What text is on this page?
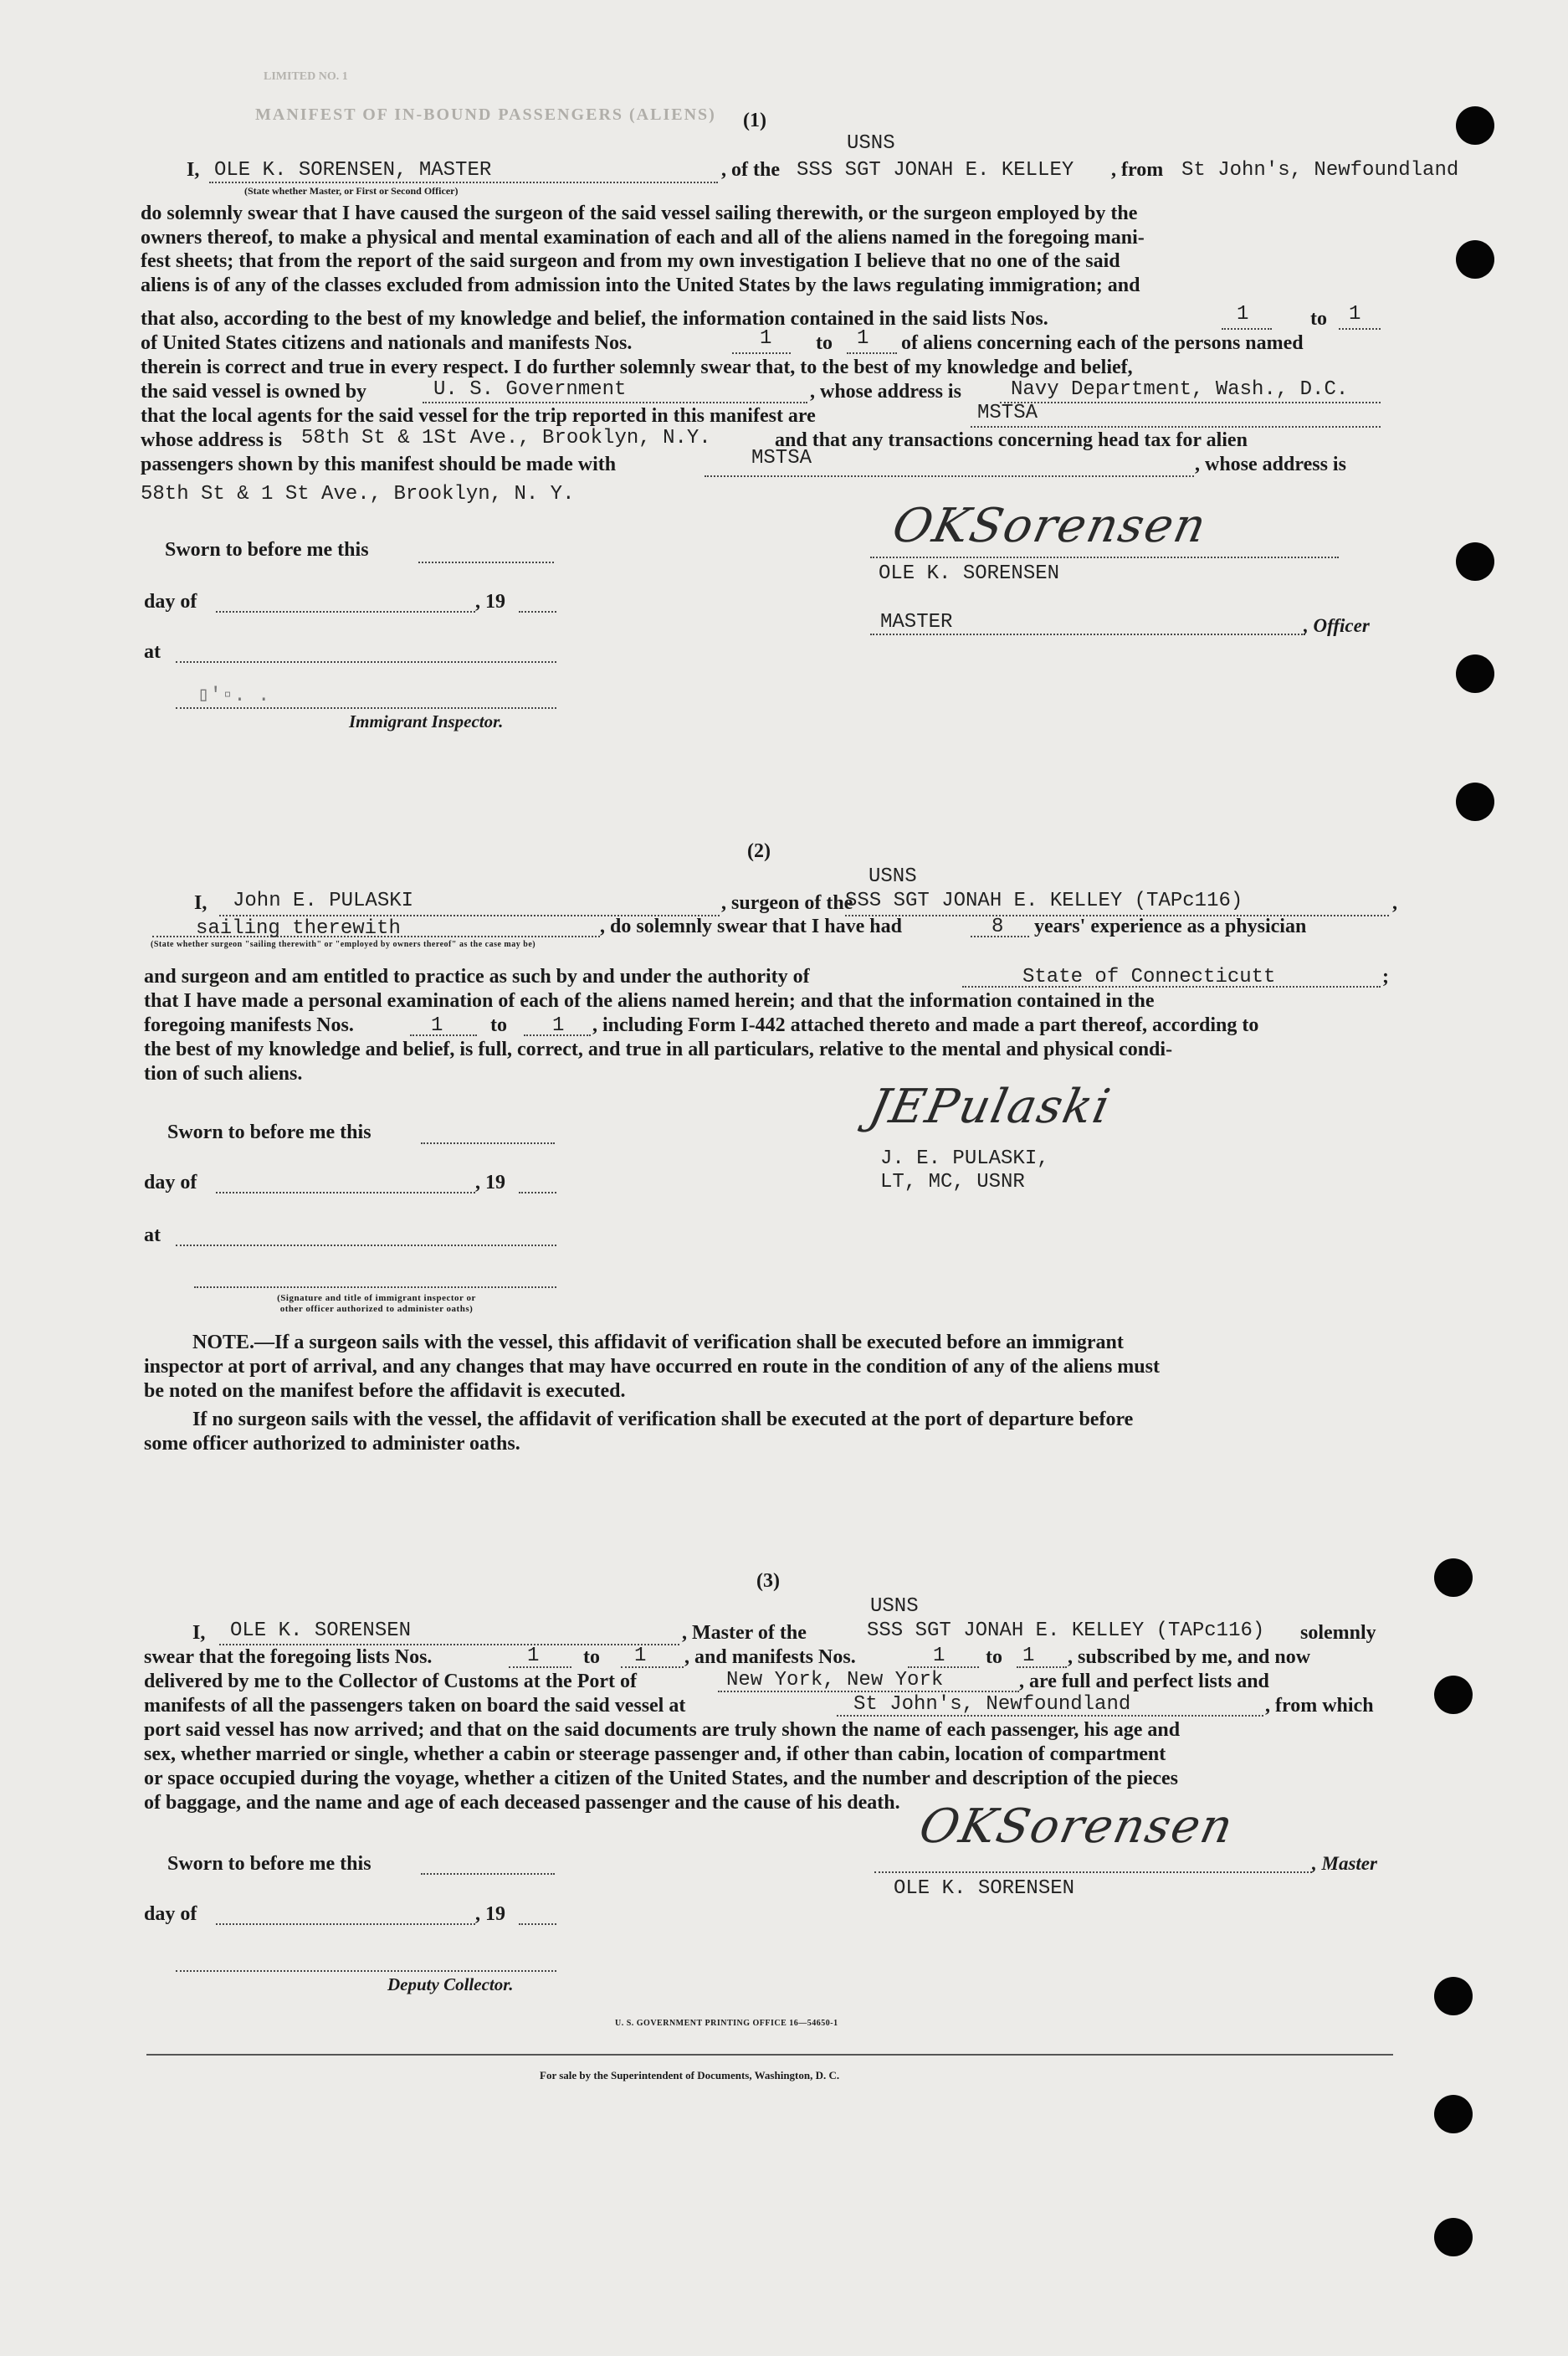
LIMITED NO. 1
MANIFEST OF IN-BOUND PASSENGERS (ALIENS) (1)
USNS
I, OLE K. SORENSEN, MASTER	, of the SSS SGT JONAH E. KELLEY , from St John's, Newfoundland
(State whether Master, or First or Second Officer)
do solemnly swear that I have caused the surgeon of the said vessel sailing therewith, or the surgeon employed by the
owners thereof, to make a physical and mental examination of each and all of the aliens named in the foregoing mani-
fest sheets; that from the report of the said surgeon and from my own investigation I believe that no one of the said
aliens is of any of the classes excluded from admission into the United States by the laws regulating immigration; and
that also, according to the best of my knowledge and belief, the information contained in the said lists Nos.	1	to 1
of United States citizens and nationals and manifests Nos.	1 to 1 of aliens concerning each of the persons named
therein is correct and true in every respect. I do further solemnly swear that, to the best of my knowledge and belief,
the said vessel is owned by	U. S. Government	, whose address is Navy Department, Wash., D.C.
that the local agents for the said vessel for the trip reported in this manifest are	MSTSA
whose address is 58th St & 1St Ave., Brooklyn, N.Y.	and that any transactions concerning head tax for alien
passengers shown by this manifest should be made with	MSTSA	, whose address is
58th St & 1 St Ave., Brooklyn, N. Y.
Sworn to before me this
day of	, 19
at
▯'▫. .
Immigrant Inspector.
OKSorensen
OLE K. SORENSEN
MASTER	, Officer
(2)
USNS
I, John E. PULASKI	, surgeon of the
SSS SGT JONAH E. KELLEY (TAPc116)	,
sailing therewith	, do solemnly swear that I have had	8 years' experience as a physician
(State whether surgeon "sailing therewith" or "employed by owners thereof" as the case may be)
and surgeon and am entitled to practice as such by and under the authority of	State of Connecticutt	;
that I have made a personal examination of each of the aliens named herein; and that the information contained in the
foregoing manifests Nos.	1 to 1 , including Form I-442 attached thereto and made a part thereof, according to
the best of my knowledge and belief, is full, correct, and true in all particulars, relative to the mental and physical condi-
tion of such aliens.
Sworn to before me this
day of	, 19
at
(Signature and title of immigrant inspector or
other officer authorized to administer oaths)
JEPulaski
J. E. PULASKI,
LT, MC, USNR
NOTE.—If a surgeon sails with the vessel, this affidavit of verification shall be executed before an immigrant
inspector at port of arrival, and any changes that may have occurred en route in the condition of any of the aliens must
be noted on the manifest before the affidavit is executed.
If no surgeon sails with the vessel, the affidavit of verification shall be executed at the port of departure before
some officer authorized to administer oaths.
(3)
USNS
I, OLE K. SORENSEN	, Master of the	SSS SGT JONAH E. KELLEY (TAPc116) solemnly
swear that the foregoing lists Nos.	1 to 1 , and manifests Nos.	1 to 1 , subscribed by me, and now
delivered by me to the Collector of Customs at the Port of	New York, New York	, are full and perfect lists and
manifests of all the passengers taken on board the said vessel at	St John's, Newfoundland	, from which
port said vessel has now arrived; and that on the said documents are truly shown the name of each passenger, his age and
sex, whether married or single, whether a cabin or steerage passenger and, if other than cabin, location of compartment
or space occupied during the voyage, whether a citizen of the United States, and the number and description of the pieces
of baggage, and the name and age of each deceased passenger and the cause of his death. OKSorensen
Sworn to before me this	, Master
OLE K. SORENSEN
day of	, 19
Deputy Collector.
U. S. GOVERNMENT PRINTING OFFICE 16—54650-1
For sale by the Superintendent of Documents, Washington, D. C.
